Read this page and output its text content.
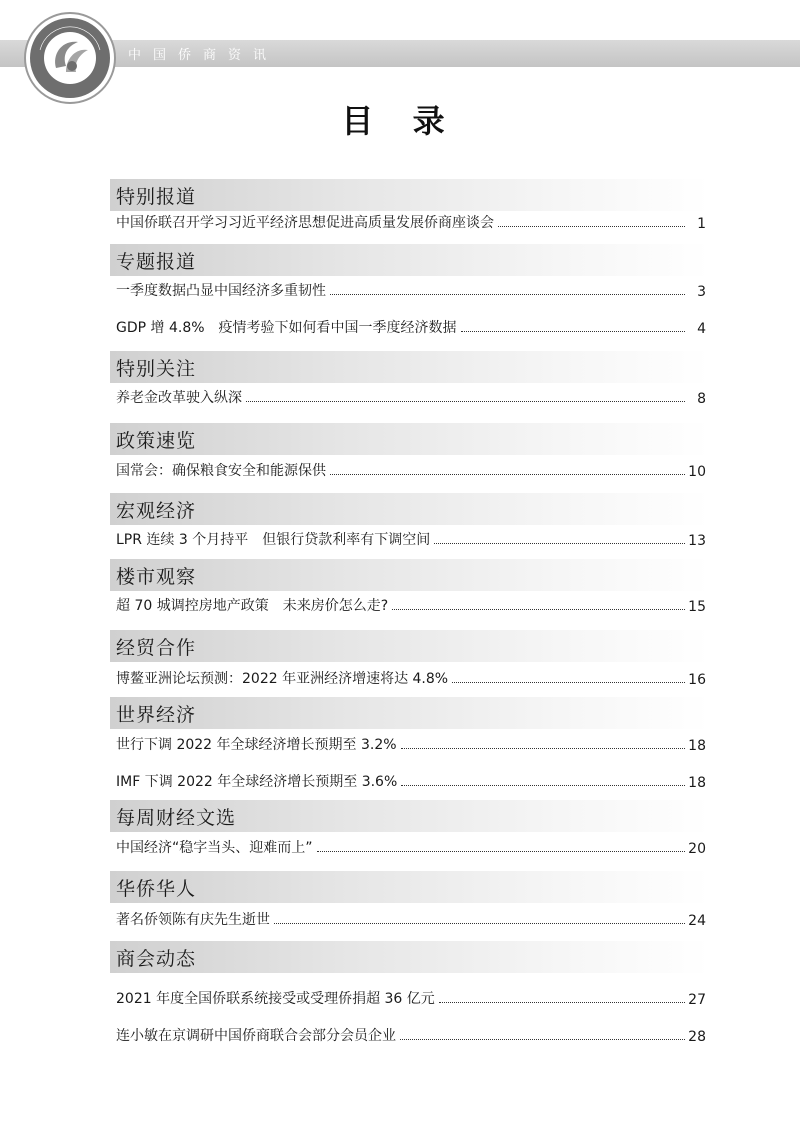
中国侨商资讯
目 录
特别报道
中国侨联召开学习习近平经济思想促进高质量发展侨商座谈会	1
专题报道
一季度数据凸显中国经济多重韧性	3
GDP 增 4.8%　疫情考验下如何看中国一季度经济数据	4
特别关注
养老金改革驶入纵深	8
政策速览
国常会：确保粮食安全和能源保供	10
宏观经济
LPR 连续 3 个月持平　但银行贷款利率有下调空间	13
楼市观察
超 70 城调控房地产政策　未来房价怎么走?	15
经贸合作
博鳌亚洲论坛预测：2022 年亚洲经济增速将达 4.8%	16
世界经济
世行下调 2022 年全球经济增长预期至 3.2%	18
IMF 下调 2022 年全球经济增长预期至 3.6%	18
每周财经文选
中国经济“稳字当头、迎难而上”	20
华侨华人
著名侨领陈有庆先生逝世	24
商会动态
2021 年度全国侨联系统接受或受理侨捐超 36 亿元	27
连小敏在京调研中国侨商联合会部分会员企业	28
